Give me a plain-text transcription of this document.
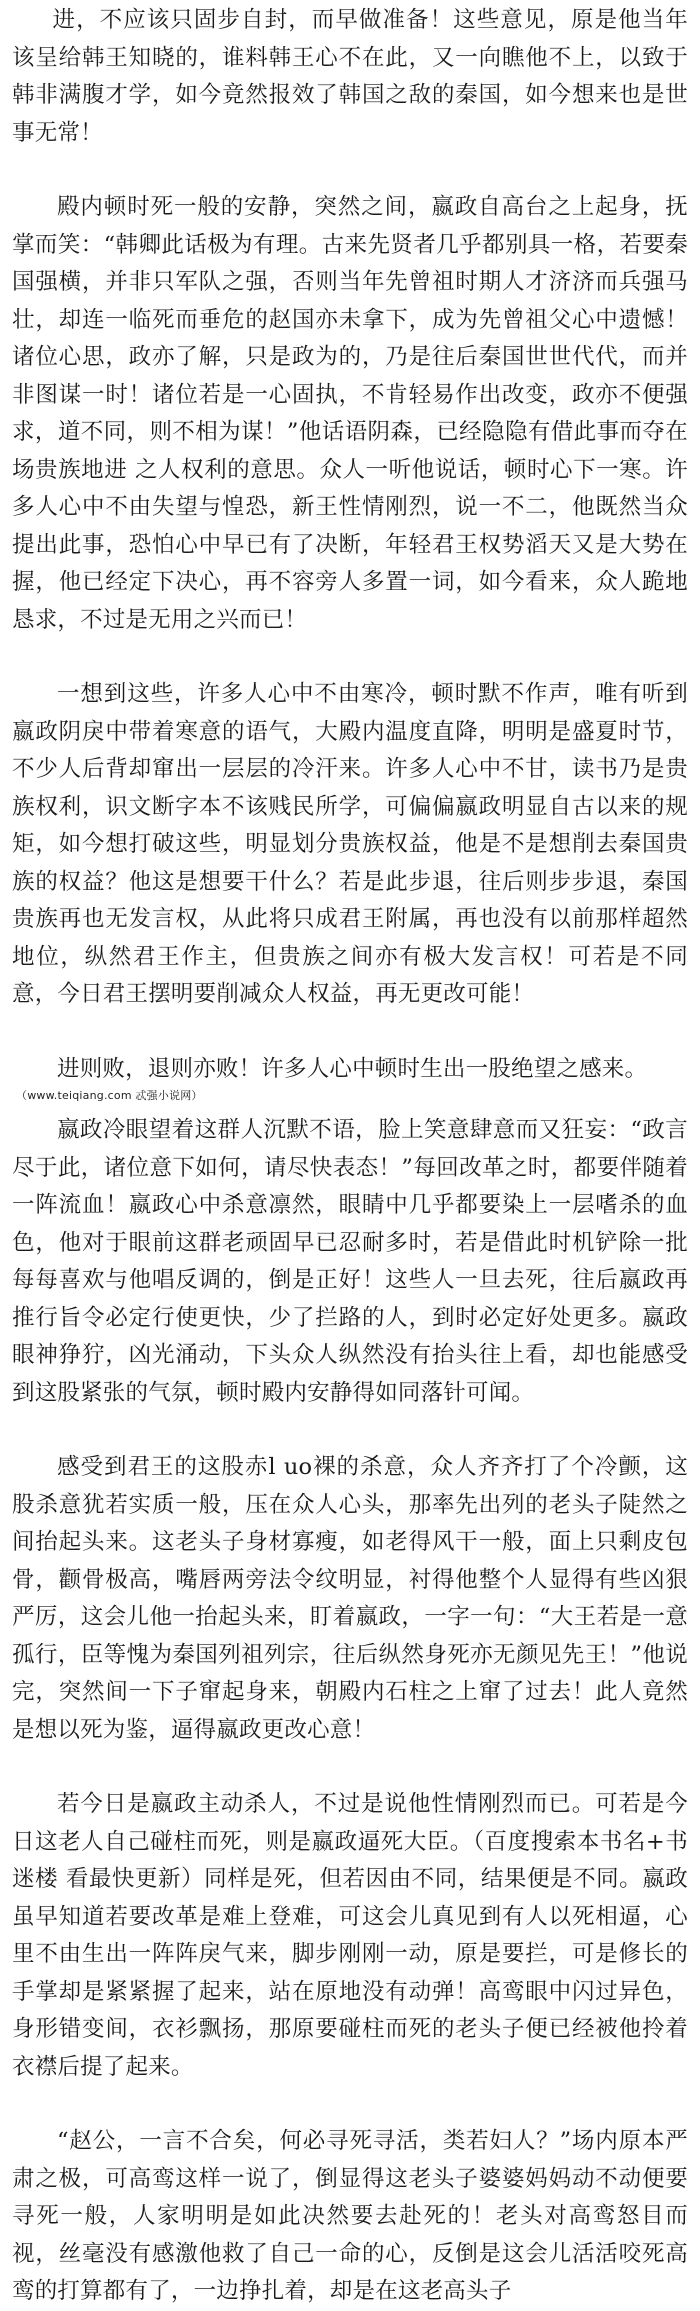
进，不应该只固步自封，而早做准备！这些意见，原是他当年该呈给韩王知晓的，谁料韩王心不在此，又一向瞧他不上，以致于韩非满腹才学，如今竟然报效了韩国之敌的秦国，如今想来也是世事无常！

殿内顿时死一般的安静，突然之间，嬴政自高台之上起身，抚掌而笑：“韩卿此话极为有理。古来先贤者几乎都别具一格，若要秦国强横，并非只军队之强，否则当年先曾祖时期人才济济而兵强马壮，却连一临死而垂危的赵国亦未拿下，成为先曾祖父心中遗憾！诸位心思，政亦了解，只是政为的，乃是往后秦国世世代代，而并非图谋一时！诸位若是一心固执，不肯轻易作出改变，政亦不便强求，道不同，则不相为谋！”他话语阴森，已经隐隐有借此事而夺在场贵族地进 之人权利的意思。众人一听他说话，顿时心下一寒。许多人心中不由失望与惶恐，新王性情刚烈，说一不二，他既然当众提出此事，恐怕心中早已有了决断，年轻君王权势滔天又是大势在握，他已经定下决心，再不容旁人多置一词，如今看来，众人跪地恳求，不过是无用之兴而已！

一想到这些，许多人心中不由寒冷，顿时默不作声，唯有听到嬴政阴戾中带着寒意的语气，大殿内温度直降，明明是盛夏时节，不少人后背却窜出一层层的冷汗来。许多人心中不甘，读书乃是贵族权利，识文断字本不该贱民所学，可偏偏嬴政明显自古以来的规矩，如今想打破这些，明显划分贵族权益，他是不是想削去秦国贵族的权益？他这是想要干什么？若是此步退，往后则步步退，秦国贵族再也无发言权，从此将只成君王附属，再也没有以前那样超然地位，纵然君王作主，但贵族之间亦有极大发言权！可若是不同意，今日君王摆明要削减众人权益，再无更改可能！

进则败，退则亦败！许多人心中顿时生出一股绝望之感来。

（www.teiqiang.com 忒强小说网）

嬴政冷眼望着这群人沉默不语，脸上笑意肆意而又狂妄：“政言尽于此，诸位意下如何，请尽快表态！”每回改革之时，都要伴随着一阵流血！嬴政心中杀意凛然，眼睛中几乎都要染上一层嗜杀的血色，他对于眼前这群老顽固早已忍耐多时，若是借此时机铲除一批每每喜欢与他唱反调的，倒是正好！这些人一旦去死，往后嬴政再推行旨令必定行使更快，少了拦路的人，到时必定好处更多。嬴政眼神狰狞，凶光涌动，下头众人纵然没有抬头往上看，却也能感受到这股紧张的气氛，顿时殿内安静得如同落针可闻。

感受到君王的这股赤l uo裸的杀意，众人齐齐打了个冷颤，这股杀意犹若实质一般，压在众人心头，那率先出列的老头子陡然之间抬起头来。这老头子身材寡瘦，如老得风干一般，面上只剩皮包骨，颧骨极高，嘴唇两旁法令纹明显，衬得他整个人显得有些凶狠严厉，这会儿他一抬起头来，盯着嬴政，一字一句：“大王若是一意孤行，臣等愧为秦国列祖列宗，往后纵然身死亦无颜见先王！”他说完，突然间一下子窜起身来，朝殿内石柱之上窜了过去！此人竟然是想以死为鉴，逼得嬴政更改心意！

若今日是嬴政主动杀人，不过是说他性情刚烈而已。可若是今日这老人自己碰柱而死，则是嬴政逼死大臣。（百度搜索本书名+书迷楼 看最快更新）同样是死，但若因由不同，结果便是不同。嬴政虽早知道若要改革是难上登难，可这会儿真见到有人以死相逼，心里不由生出一阵阵戾气来，脚步刚刚一动，原是要拦，可是修长的手掌却是紧紧握了起来，站在原地没有动弹！高鸾眼中闪过异色，身形错变间，衣衫飘扬，那原要碰柱而死的老头子便已经被他拎着衣襟后提了起来。

“赵公，一言不合矣，何必寻死寻活，类若妇人？”场内原本严肃之极，可高鸾这样一说了，倒显得这老头子婆婆妈妈动不动便要寻死一般，人家明明是如此决然要去赴死的！老头对高鸾怒目而视，丝毫没有感激他救了自己一命的心，反倒是这会儿活活咬死高鸾的打算都有了，一边挣扎着，却是在这老高头子
